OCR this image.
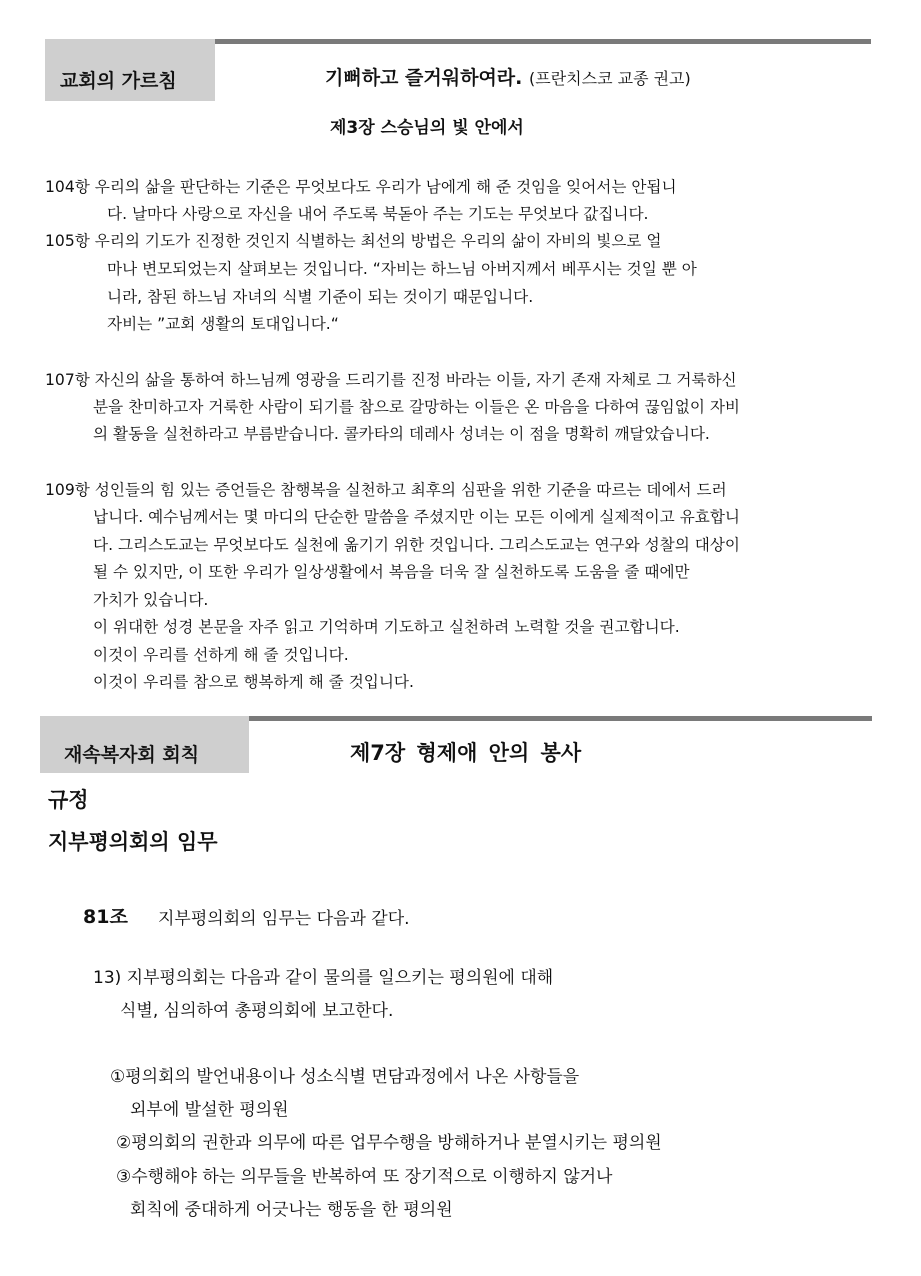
교회의 가르침	기뻐하고 즐거워하여라. (프란치스코 교종 권고)
제3장 스승님의 빛 안에서
104항 우리의 삶을 판단하는 기준은 무엇보다도 우리가 남에게 해 준 것임을 잊어서는 안됩니
다. 날마다 사랑으로 자신을 내어 주도록 북돋아 주는 기도는 무엇보다 값집니다.
105항 우리의 기도가 진정한 것인지 식별하는 최선의 방법은 우리의 삶이 자비의 빛으로 얼
마나 변모되었는지 살펴보는 것입니다. “자비는 하느님 아버지께서 베푸시는 것일 뿐 아
니라, 참된 하느님 자녀의 식별 기준이 되는 것이기 때문입니다.
자비는 ”교회 생활의 토대입니다.“
107항 자신의 삶을 통하여 하느님께 영광을 드리기를 진정 바라는 이들, 자기 존재 자체로 그 거룩하신
분을 찬미하고자 거룩한 사람이 되기를 참으로 갈망하는 이들은 온 마음을 다하여 끊임없이 자비
의 활동을 실천하라고 부름받습니다. 콜카타의 데레사 성녀는 이 점을 명확히 깨달았습니다.
109항 성인들의 힘 있는 증언들은 참행복을 실천하고 최후의 심판을 위한 기준을 따르는 데에서 드러
납니다. 예수님께서는 몇 마디의 단순한 말씀을 주셨지만 이는 모든 이에게 실제적이고 유효합니
다. 그리스도교는 무엇보다도 실천에 옮기기 위한 것입니다. 그리스도교는 연구와 성찰의 대상이
될 수 있지만, 이 또한 우리가 일상생활에서 복음을 더욱 잘 실천하도록 도움을 줄 때에만
가치가 있습니다.
이 위대한 성경 본문을 자주 읽고 기억하며 기도하고 실천하려 노력할 것을 권고합니다.
이것이 우리를 선하게 해 줄 것입니다.
이것이 우리를 참으로 행복하게 해 줄 것입니다.
재속복자회 회칙	제7장 형제애 안의 봉사
규정
지부평의회의 임무
81조 지부평의회의 임무는 다음과 같다.
13) 지부평의회는 다음과 같이 물의를 일으키는 평의원에 대해
식별, 심의하여 총평의회에 보고한다.
①평의회의 발언내용이나 성소식별 면담과정에서 나온 사항들을
외부에 발설한 평의원
②평의회의 권한과 의무에 따른 업무수행을 방해하거나 분열시키는 평의원
③수행해야 하는 의무들을 반복하여 또 장기적으로 이행하지 않거나
회칙에 중대하게 어긋나는 행동을 한 평의원
